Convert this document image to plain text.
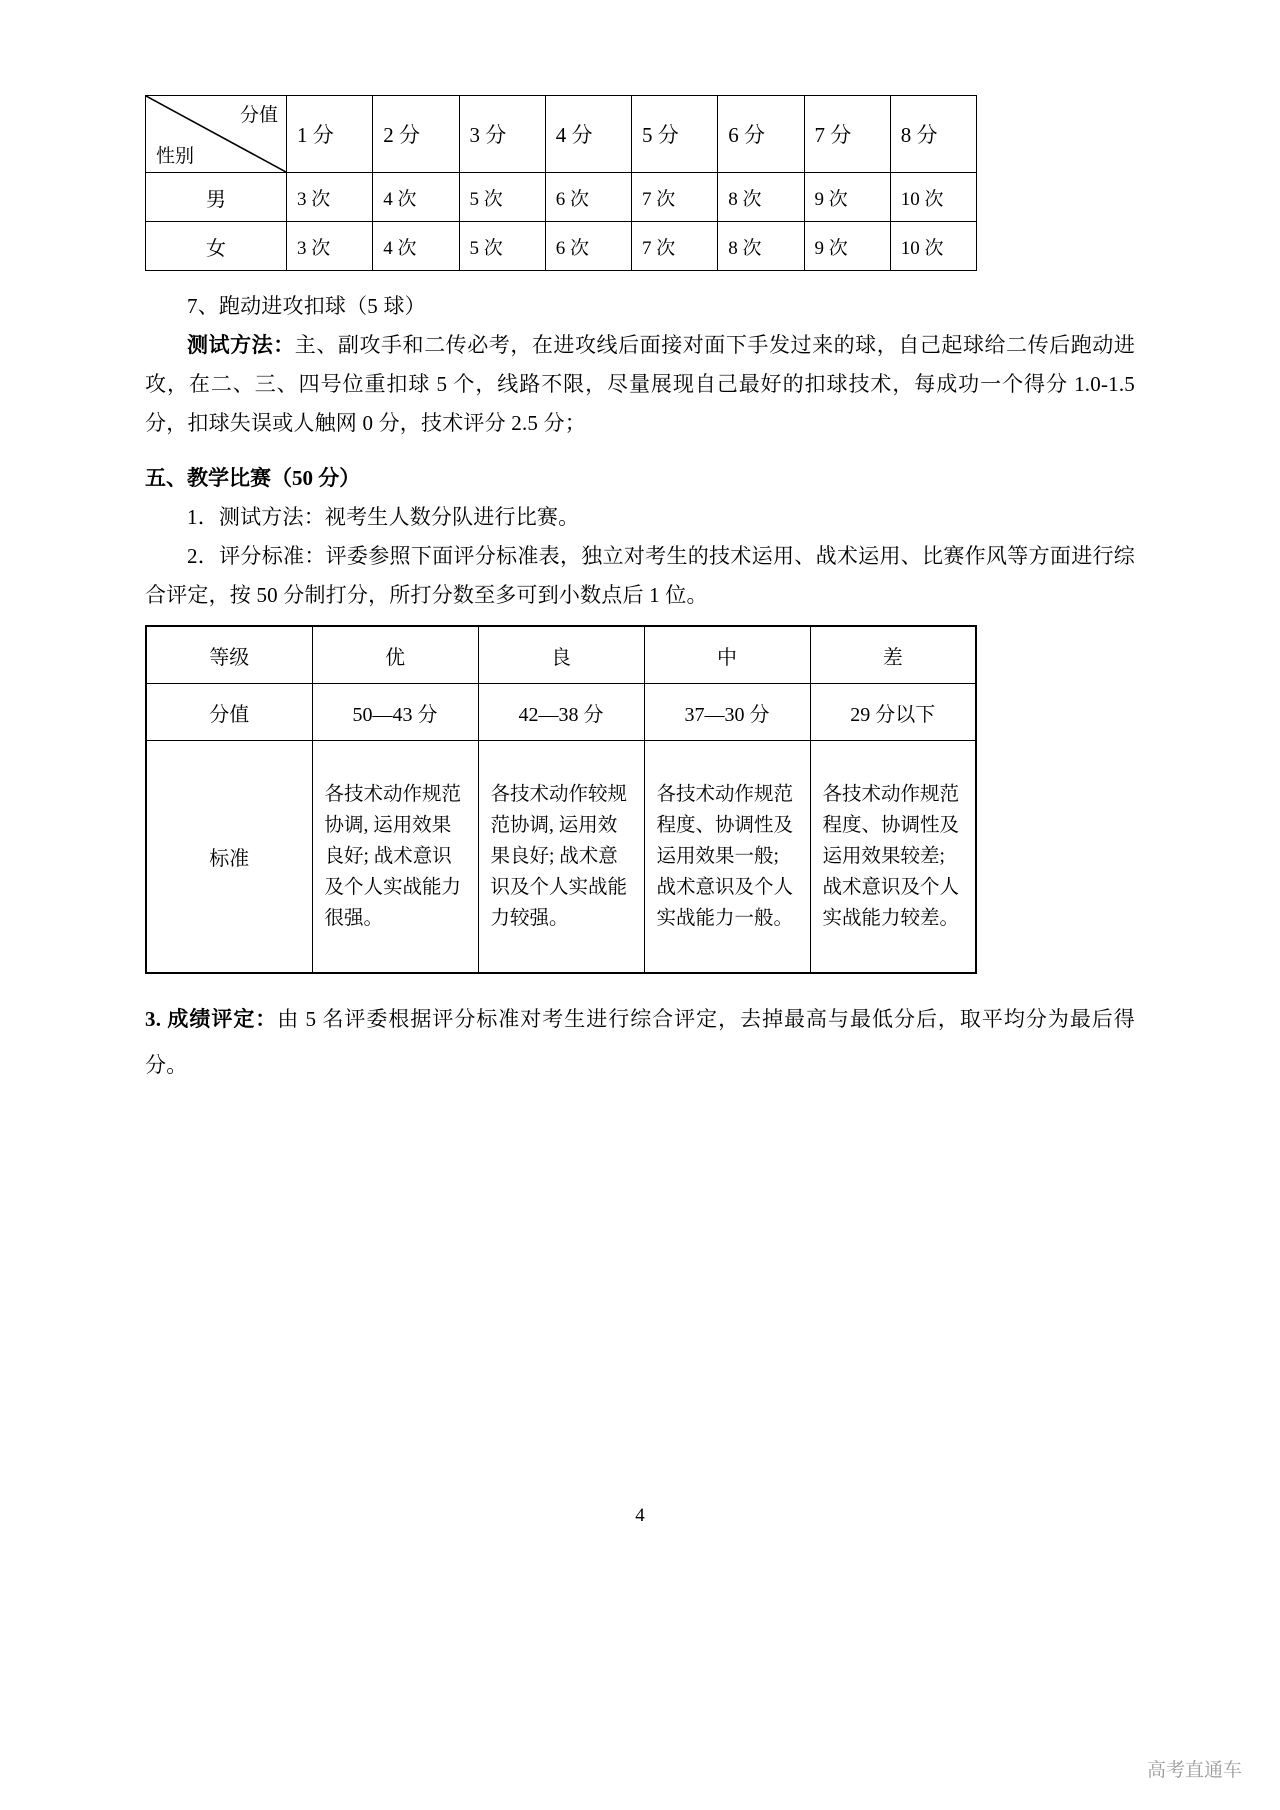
分值
性别	1 分	2 分	3 分	4 分	5 分	6 分	7 分	8 分
男	3 次	4 次	5 次	6 次	7 次	8 次	9 次	10 次
女	3 次	4 次	5 次	6 次	7 次	8 次	9 次	10 次

7、跑动进攻扣球（5 球）

测试方法：主、副攻手和二传必考，在进攻线后面接对面下手发过来的球，自己起球给二传后跑动进攻，在二、三、四号位重扣球 5 个，线路不限，尽量展现自己最好的扣球技术，每成功一个得分 1.0-1.5 分，扣球失误或人触网 0 分，技术评分 2.5 分；

五、教学比赛（50 分）

1．测试方法：视考生人数分队进行比赛。

2．评分标准：评委参照下面评分标准表，独立对考生的技术运用、战术运用、比赛作风等方面进行综合评定，按 50 分制打分，所打分数至多可到小数点后 1 位。

等级	优	良	中	差
分值	50—43 分	42—38 分	37—30 分	29 分以下
标准	各技术动作规范协调, 运用效果良好; 战术意识及个人实战能力很强。	各技术动作较规范协调, 运用效果良好; 战术意识及个人实战能力较强。	各技术动作规范程度、协调性及运用效果一般; 战术意识及个人实战能力一般。	各技术动作规范程度、协调性及运用效果较差; 战术意识及个人实战能力较差。

3. 成绩评定：由 5 名评委根据评分标准对考生进行综合评定，去掉最高与最低分后，取平均分为最后得分。

4
高考直通车
